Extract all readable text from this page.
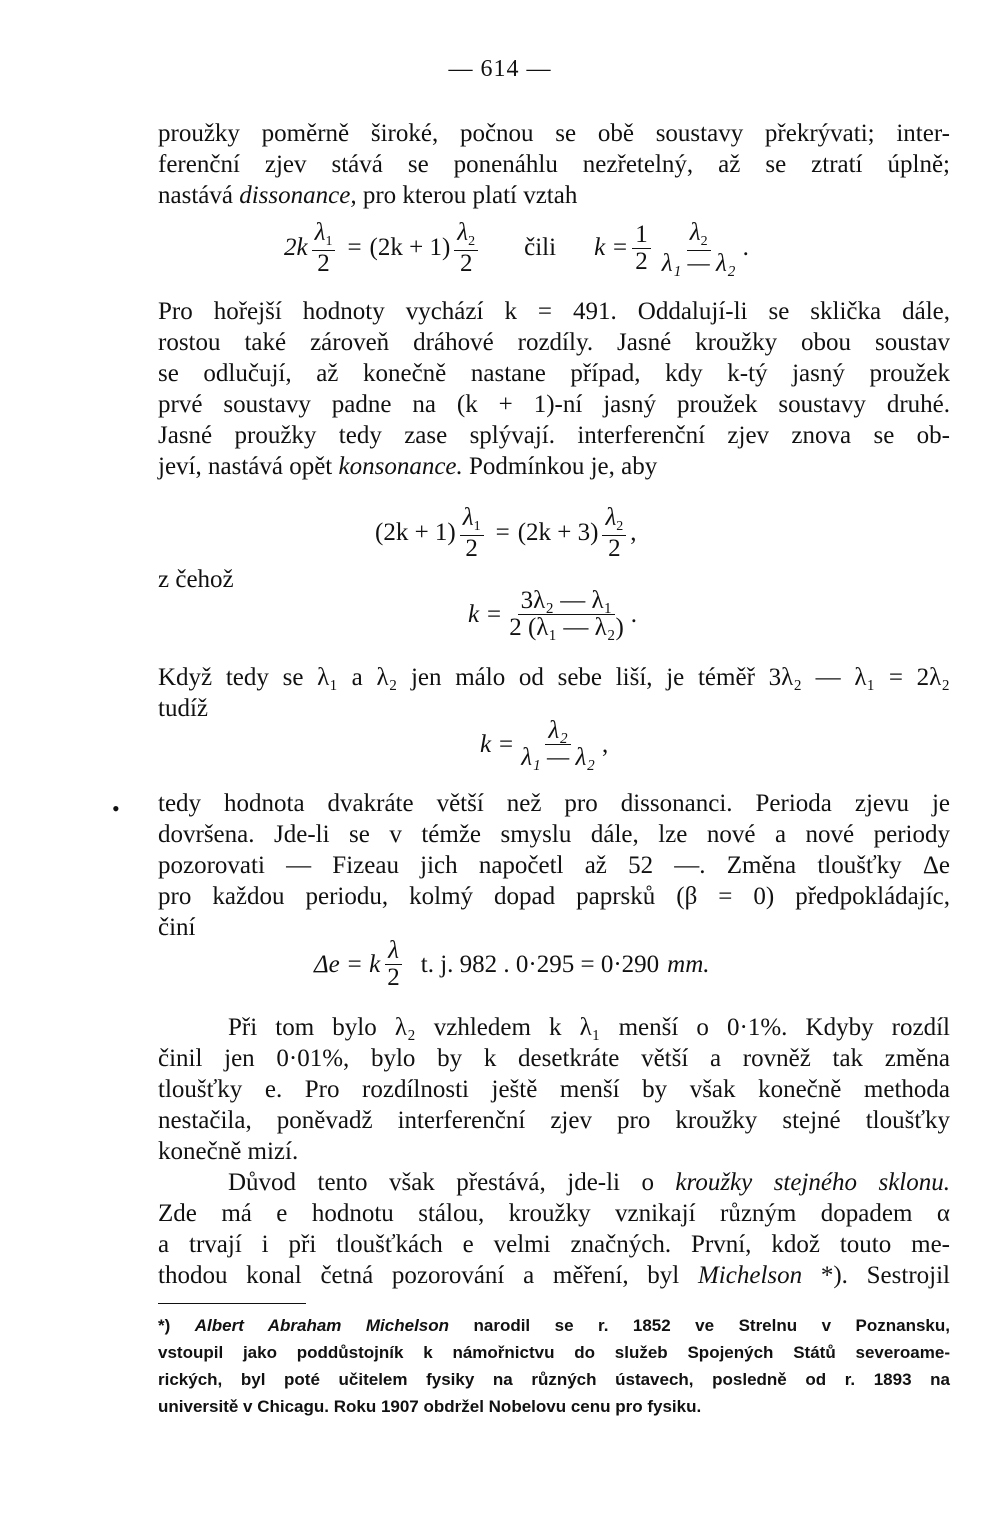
— 614 —
proužky poměrně široké, počnou se obě soustavy překrývati; inter-
ferenční zjev stává se ponenáhlu nezřetelný, až se ztratí úplně;
nastává dissonance, pro kterou platí vztah
$2k \frac{\lambda_1}{2} = (2k + 1) \frac{\lambda_2}{2}$ čili $k = \frac{1}{2} \frac{\lambda_2}{\text{λ₁ — λ₂}}$ .
Pro hořejší hodnoty vychází k = 491. Oddalují-li se sklička dále,
rostou také zároveň dráhové rozdíly. Jasné kroužky obou soustav
se odlučují, až konečně nastane případ, kdy k-tý jasný proužek
prvé soustavy padne na (k + 1)-ní jasný proužek soustavy druhé.
Jasné proužky tedy zase splývají. interferenční zjev znova se ob-
jeví, nastává opět konsonance. Podmínkou je, aby
$(2k + 1) \frac{\lambda_1}{2} = (2k + 3) \frac{\lambda_2}{2}$ ,
z čehož
$k = \frac{\text{3λ₂ — λ₁}}{\text{2 (λ₁ — λ₂)}}$ .
Když tedy se λ₁ a λ₂ jen málo od sebe liší, je téměř 3λ₂ — λ₁ = 2λ₂
tudíž
$k = \frac{\text{λ₂}}{\text{λ₁ — λ₂}}$ ,
• tedy hodnota dvakráte větší než pro dissonanci. Perioda zjevu je
dovršena. Jde-li se v témže smyslu dále, lze nové a nové periody
pozorovati — Fizeau jich napočetl až 52 —. Změna tloušťky Δe
pro každou periodu, kolmý dopad paprsků (β = 0) předpokládajíc,
činí
Δe = k $\frac{\lambda}{2} t$. j. 982 . 0·295 = 0·290 mm.
Při tom bylo λ₂ vzhledem k λ₁ menší o 0·1%. Kdyby rozdíl
činil jen 0·01%, bylo by k desetkráte větší a rovněž tak změna
tloušťky e. Pro rozdílnosti ještě menší by však konečně methoda
nestačila, poněvadž interferenční zjev pro kroužky stejné tloušťky
konečně mizí.
Důvod tento však přestává, jde-li o kroužky stejného sklonu.
Zde má e hodnotu stálou, kroužky vznikají různým dopadem α
a trvají i při tloušťkách e velmi značných. První, kdož touto me-
thodou konal četná pozorování a měření, byl Michelson *). Sestrojil
*) Albert Abraham Michelson narodil se r. 1852 ve Strelnu v Poznansku,
vstoupil jako poddůstojník k námořnictvu do služeb Spojených Států severoame-
rických, byl poté učitelem fysiky na různých ústavech, posledně od r. 1893 na
universitě v Chicagu. Roku 1907 obdržel Nobelovu cenu pro fysiku.
